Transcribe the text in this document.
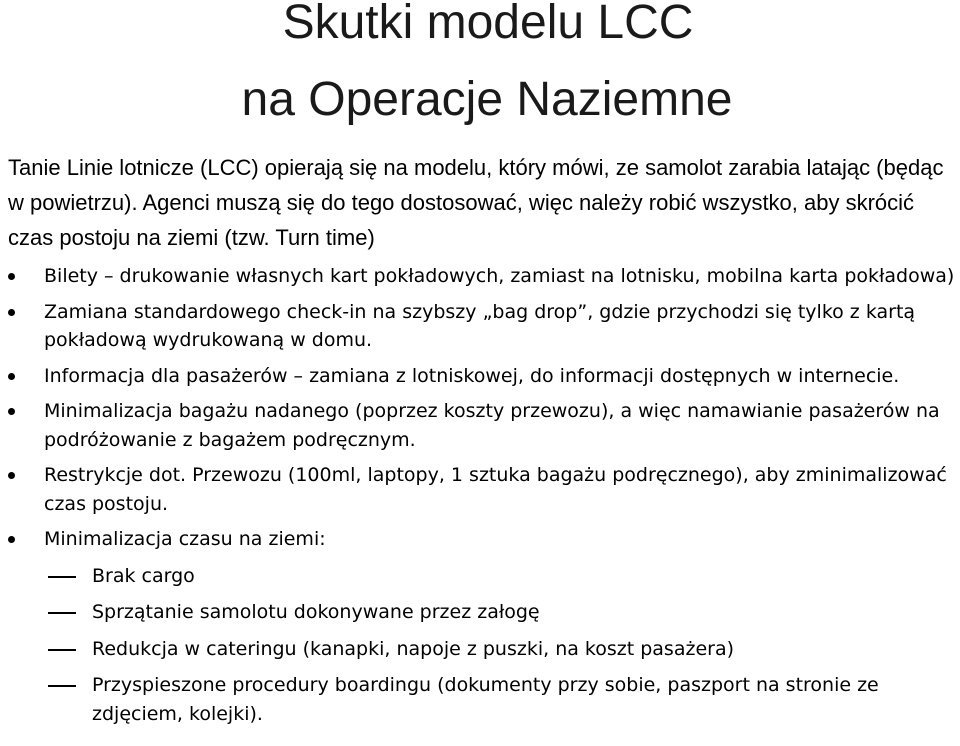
Skutki modelu LCC
na Operacje Naziemne

Tanie Linie lotnicze (LCC) opierają się na modelu, który mówi, ze samolot zarabia latając (będąc w powietrzu). Agenci muszą się do tego dostosować, więc należy robić wszystko, aby skrócić czas postoju na ziemi (tzw. Turn time)

Bilety – drukowanie własnych kart pokładowych, zamiast na lotnisku, mobilna karta pokładowa)
Zamiana standardowego check-in na szybszy „bag drop”, gdzie przychodzi się tylko z kartą pokładową wydrukowaną w domu.
Informacja dla pasażerów – zamiana z lotniskowej, do informacji dostępnych w internecie.
Minimalizacja bagażu nadanego (poprzez koszty przewozu), a więc namawianie pasażerów na podróżowanie z bagażem podręcznym.
Restrykcje dot. Przewozu (100ml, laptopy, 1 sztuka bagażu podręcznego), aby zminimalizować czas postoju.
Minimalizacja czasu na ziemi:
Brak cargo
Sprzątanie samolotu dokonywane przez załogę
Redukcja w cateringu (kanapki, napoje z puszki, na koszt pasażera)
Przyspieszone procedury boardingu (dokumenty przy sobie, paszport na stronie ze zdjęciem, kolejki).
